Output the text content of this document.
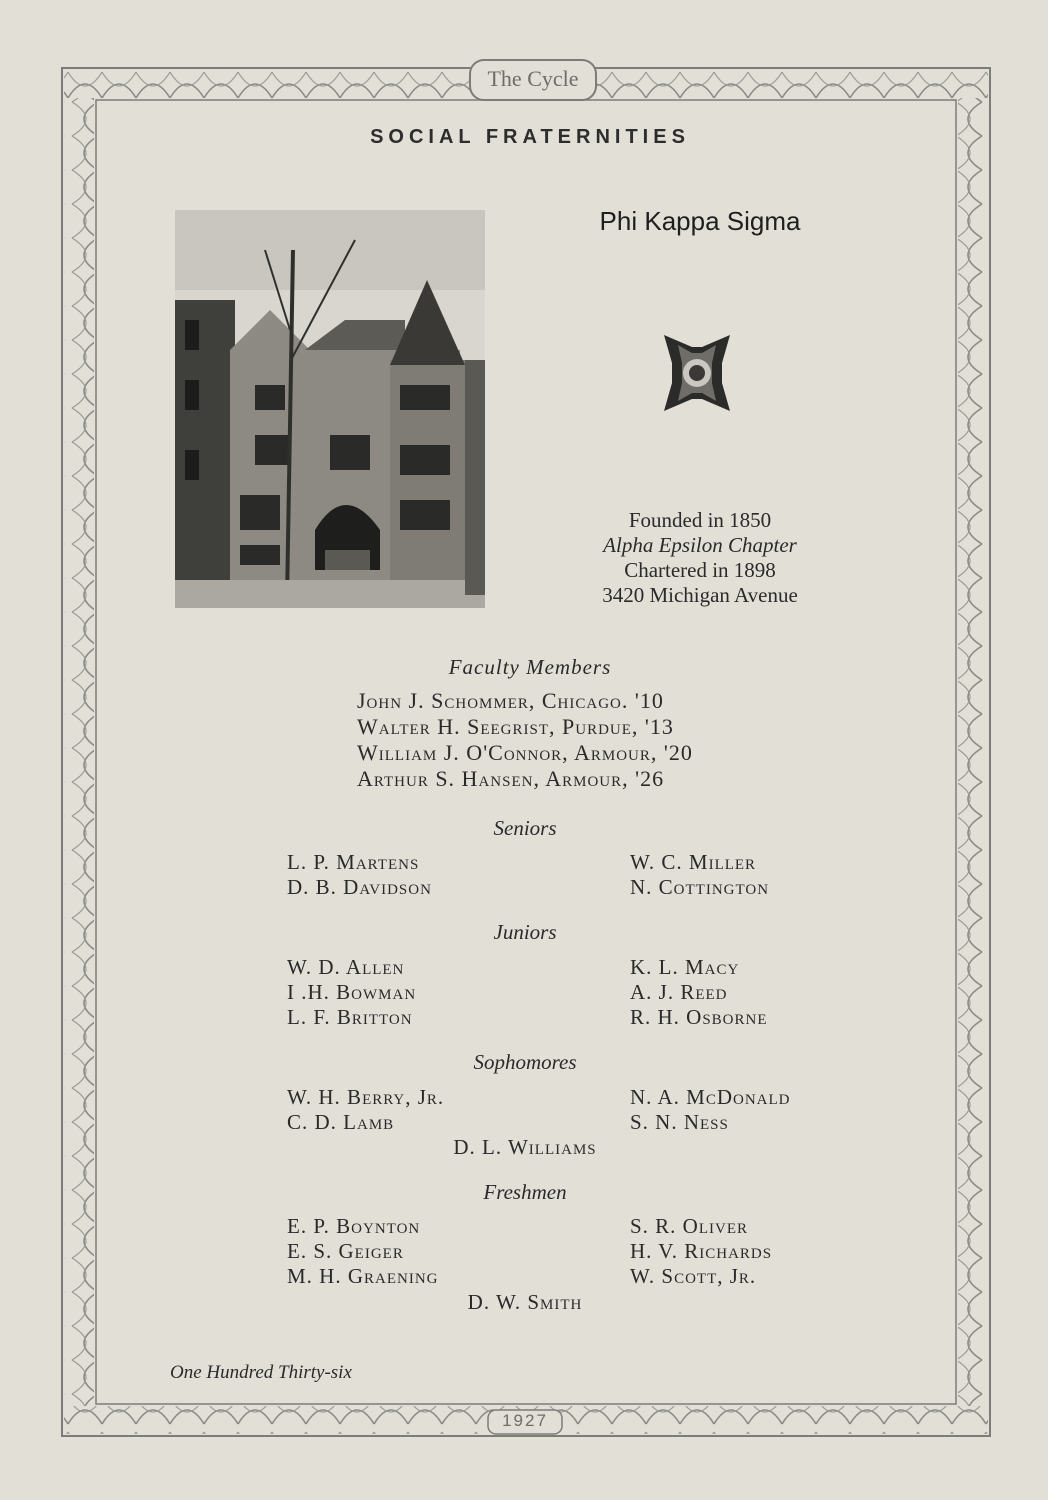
The Cycle
SOCIAL FRATERNITIES
Phi Kappa Sigma
Founded in 1850
Alpha Epsilon Chapter
Chartered in 1898
3420 Michigan Avenue
Faculty Members
John J. Schommer, Chicago. '10
Walter H. Seegrist, Purdue, '13
William J. O'Connor, Armour, '20
Arthur S. Hansen, Armour, '26
Seniors
L. P. Martens
D. B. Davidson
W. C. Miller
N. Cottington
Juniors
W. D. Allen
I .H. Bowman
L. F. Britton
K. L. Macy
A. J. Reed
R. H. Osborne
Sophomores
W. H. Berry, Jr.
C. D. Lamb
N. A. McDonald
S. N. Ness
D. L. Williams
Freshmen
E. P. Boynton
E. S. Geiger
M. H. Graening
S. R. Oliver
H. V. Richards
W. Scott, Jr.
D. W. Smith
One Hundred Thirty-six
1927
